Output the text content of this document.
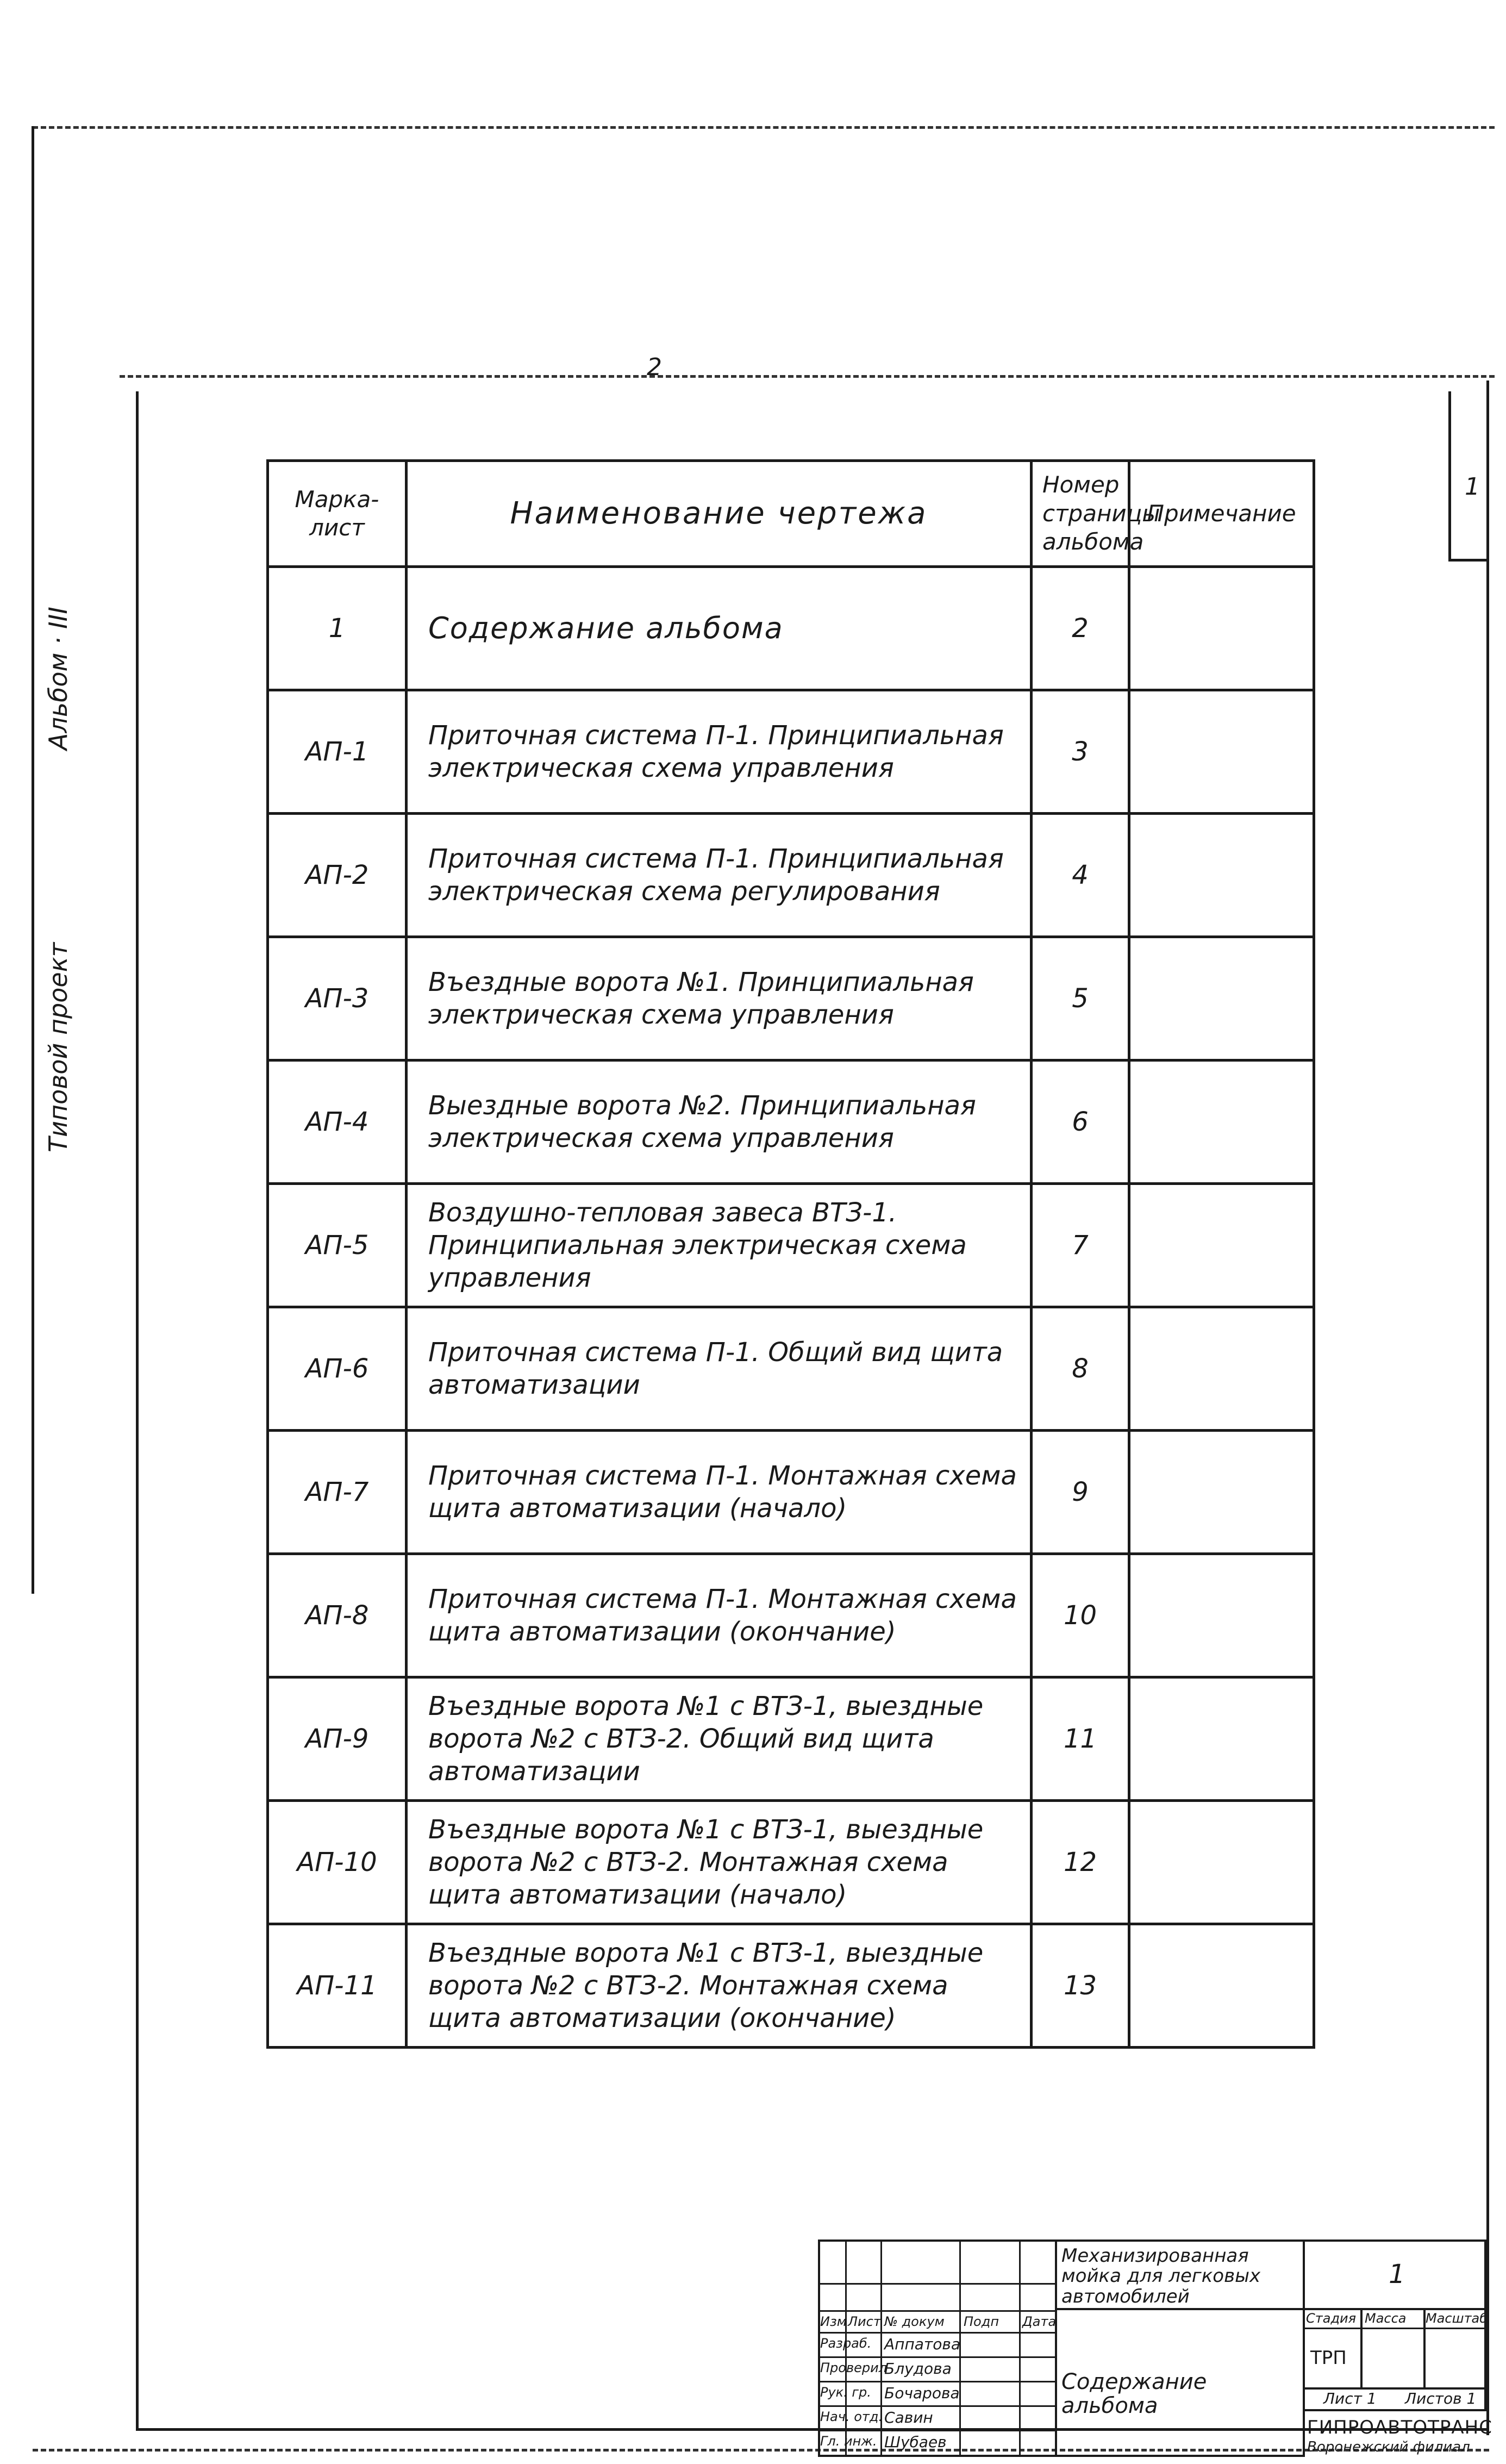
2
1
Альбом · III
Типовой проект
Марка-лист	Наименование чертежа	Номер страницы альбома	Примечание
1	Содержание альбома	2	
АП-1	Приточная система П-1. Принципиальная электрическая схема управления	3	
АП-2	Приточная система П-1. Принципиальная электрическая схема регулирования	4	
АП-3	Въездные ворота №1. Принципиальная электрическая схема управления	5	
АП-4	Выездные ворота №2. Принципиальная электрическая схема управления	6	
АП-5	Воздушно-тепловая завеса ВТЗ-1. Принципиальная электрическая схема управления	7	
АП-6	Приточная система П-1. Общий вид щита автоматизации	8	
АП-7	Приточная система П-1. Монтажная схема щита автоматизации (начало)	9	
АП-8	Приточная система П-1. Монтажная схема щита автоматизации (окончание)	10	
АП-9	Въездные ворота №1 с ВТЗ-1, выездные ворота №2 с ВТЗ-2. Общий вид щита автоматизации	11	
АП-10	Въездные ворота №1 с ВТЗ-1, выездные ворота №2 с ВТЗ-2. Монтажная схема щита автоматизации (начало)	12	
АП-11	Въездные ворота №1 с ВТЗ-1, выездные ворота №2 с ВТЗ-2. Монтажная схема щита автоматизации (окончание)	13	
Изм Лист № докум Подп Дата
Разраб. Аппатова
Проверил
Блудова
Рук. гр. Бочарова
Нач. отд. Савин
Гл. инж. Шубаев
Механизированная мойка для легковых автомобилей
Содержание альбома
1
Стадия Масса Масштаб
ТРП
Лист 1 Листов 1
ГИПРОАВТОТРАНС
Воронежский филиал
